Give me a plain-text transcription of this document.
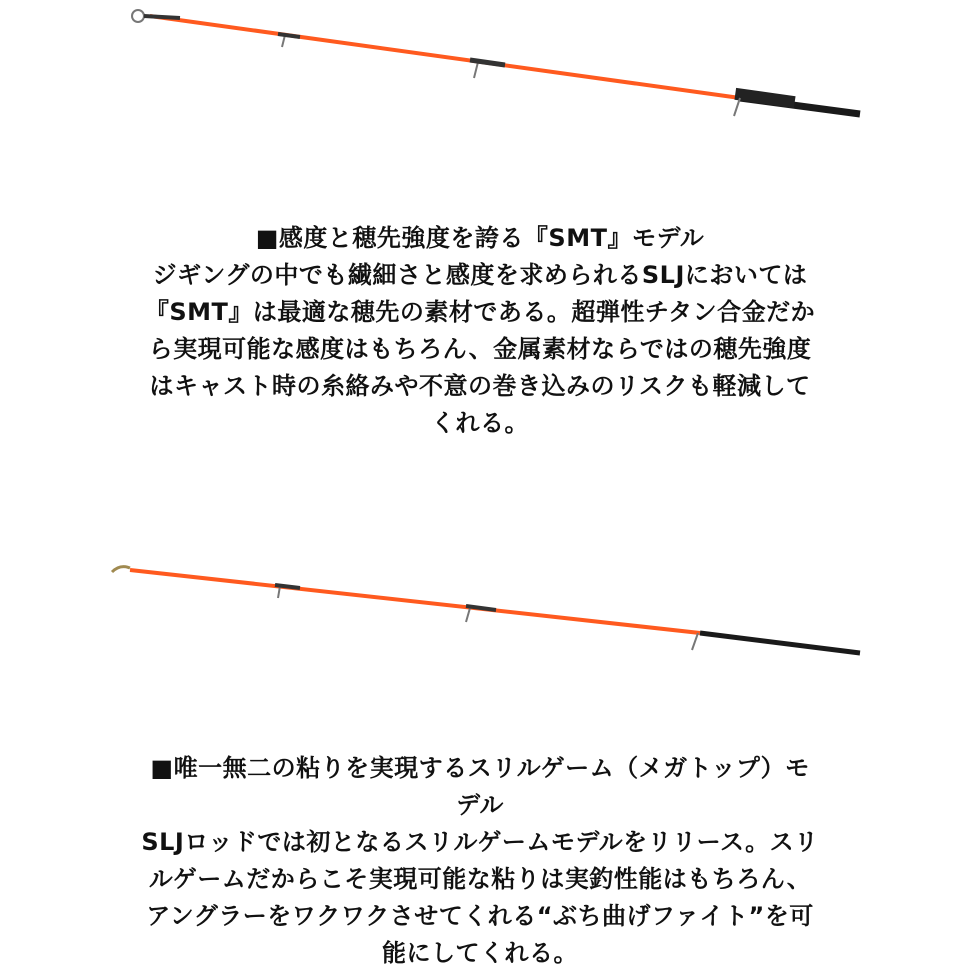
■感度と穂先強度を誇る『SMT』モデル

ジギングの中でも繊細さと感度を求められるSLJにおいては『SMT』は最適な穂先の素材である。超弾性チタン合金だから実現可能な感度はもちろん、金属素材ならではの穂先強度はキャスト時の糸絡みや不意の巻き込みのリスクも軽減してくれる。

■唯一無二の粘りを実現するスリルゲーム（メガトップ）モデル

SLJロッドでは初となるスリルゲームモデルをリリース。スリルゲームだからこそ実現可能な粘りは実釣性能はもちろん、アングラーをワクワクさせてくれる“ぶち曲げファイト”を可能にしてくれる。
